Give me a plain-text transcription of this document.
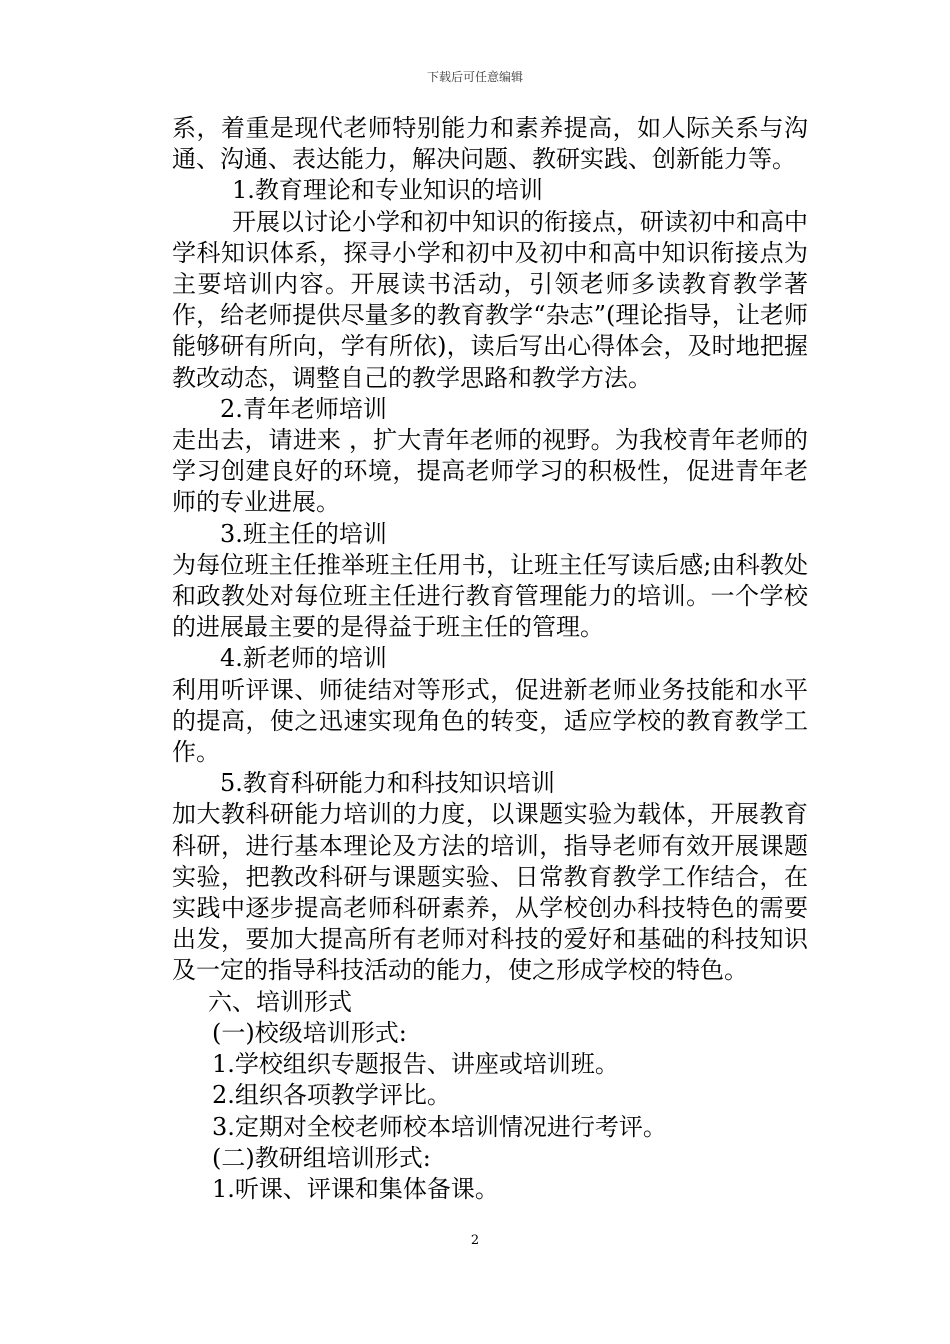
下载后可任意编辑

系，着重是现代老师特别能力和素养提高，如人际关系与沟通、沟通、表达能力，解决问题、教研实践、创新能力等。

1.教育理论和专业知识的培训

开展以讨论小学和初中知识的衔接点，研读初中和高中学科知识体系，探寻小学和初中及初中和高中知识衔接点为主要培训内容。开展读书活动，引领老师多读教育教学著作，给老师提供尽量多的教育教学“杂志”(理论指导，让老师能够研有所向，学有所依)，读后写出心得体会，及时地把握教改动态，调整自己的教学思路和教学方法。

2.青年老师培训

走出去，请进来 ，扩大青年老师的视野。为我校青年老师的学习创建良好的环境，提高老师学习的积极性，促进青年老师的专业进展。

3.班主任的培训

为每位班主任推举班主任用书，让班主任写读后感;由科教处和政教处对每位班主任进行教育管理能力的培训。一个学校的进展最主要的是得益于班主任的管理。

4.新老师的培训

利用听评课、师徒结对等形式，促进新老师业务技能和水平的提高，使之迅速实现角色的转变，适应学校的教育教学工作。

5.教育科研能力和科技知识培训

加大教科研能力培训的力度，以课题实验为载体，开展教育科研，进行基本理论及方法的培训，指导老师有效开展课题实验，把教改科研与课题实验、日常教育教学工作结合，在实践中逐步提高老师科研素养，从学校创办科技特色的需要出发，要加大提高所有老师对科技的爱好和基础的科技知识及一定的指导科技活动的能力，使之形成学校的特色。

六、培训形式

(一)校级培训形式:

1.学校组织专题报告、讲座或培训班。

2.组织各项教学评比。

3.定期对全校老师校本培训情况进行考评。

(二)教研组培训形式:

1.听课、评课和集体备课。

2
